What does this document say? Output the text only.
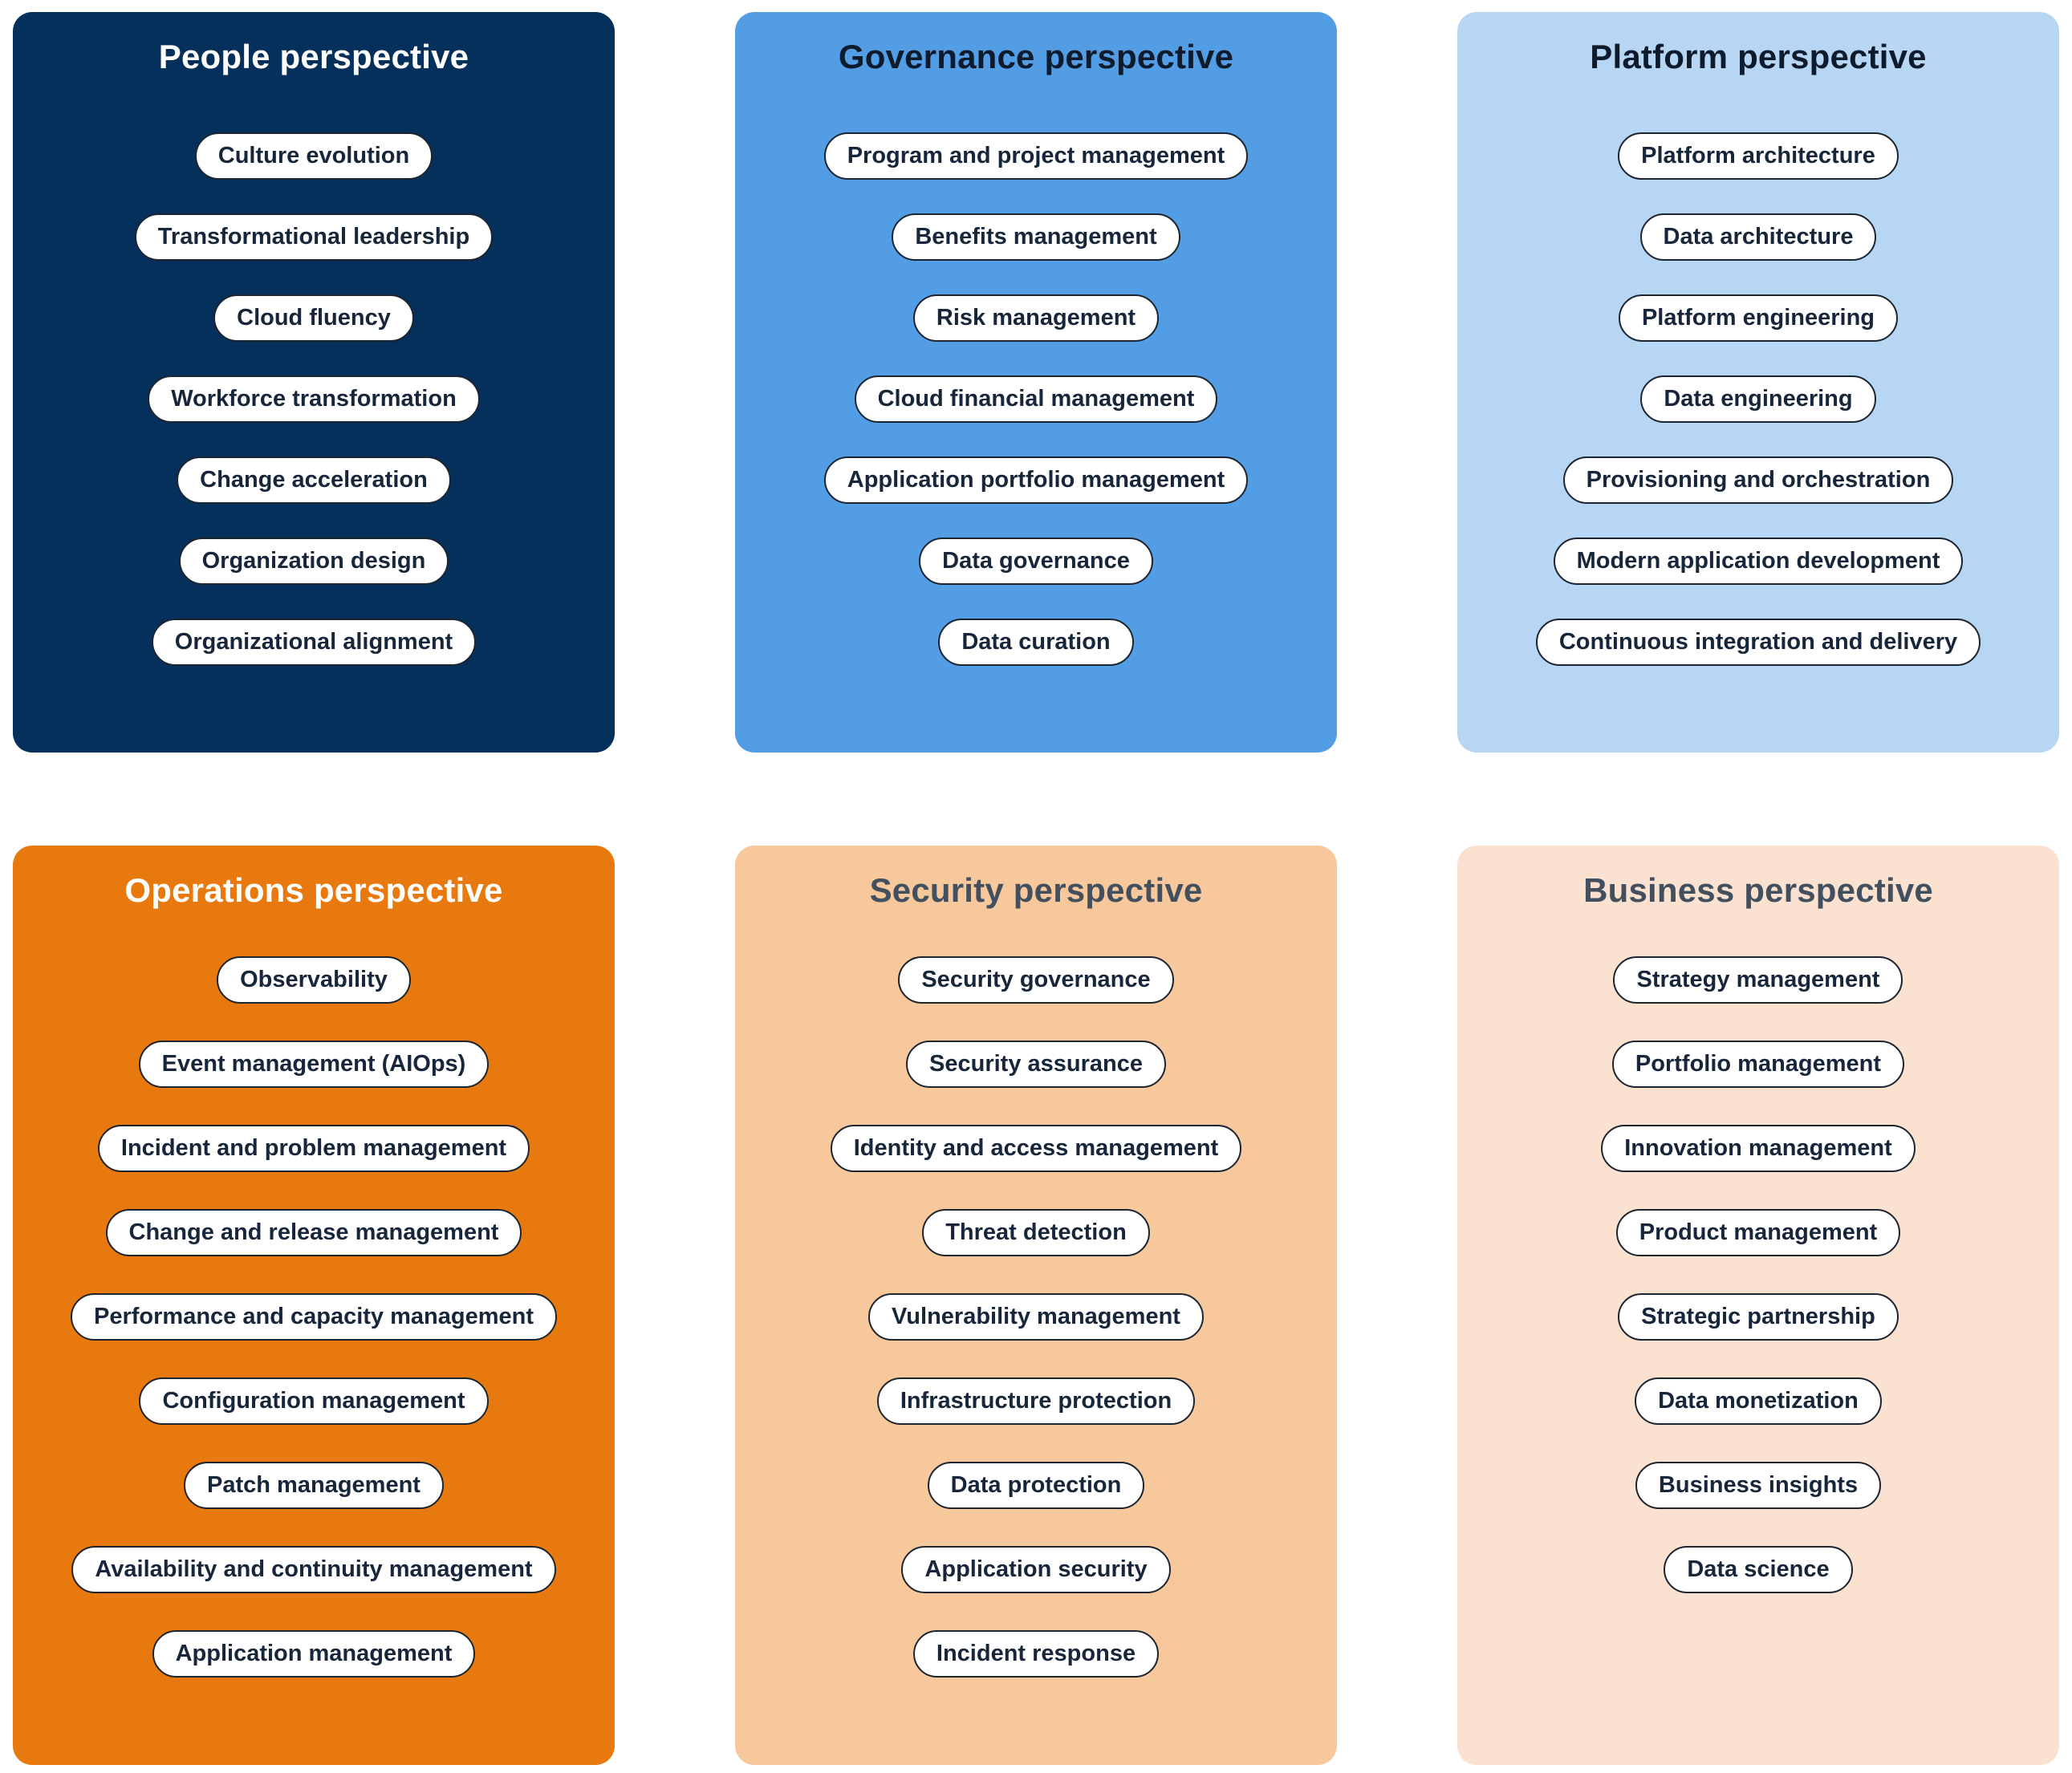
People perspective
Culture evolution
Transformational leadership
Cloud fluency
Workforce transformation
Change acceleration
Organization design
Organizational alignment
Governance perspective
Program and project management
Benefits management
Risk management
Cloud financial management
Application portfolio management
Data governance
Data curation
Platform perspective
Platform architecture
Data architecture
Platform engineering
Data engineering
Provisioning and orchestration
Modern application development
Continuous integration and delivery
Operations perspective
Observability
Event management (AIOps)
Incident and problem management
Change and release management
Performance and capacity management
Configuration management
Patch management
Availability and continuity management
Application management
Security perspective
Security governance
Security assurance
Identity and access management
Threat detection
Vulnerability management
Infrastructure protection
Data protection
Application security
Incident response
Business perspective
Strategy management
Portfolio management
Innovation management
Product management
Strategic partnership
Data monetization
Business insights
Data science
